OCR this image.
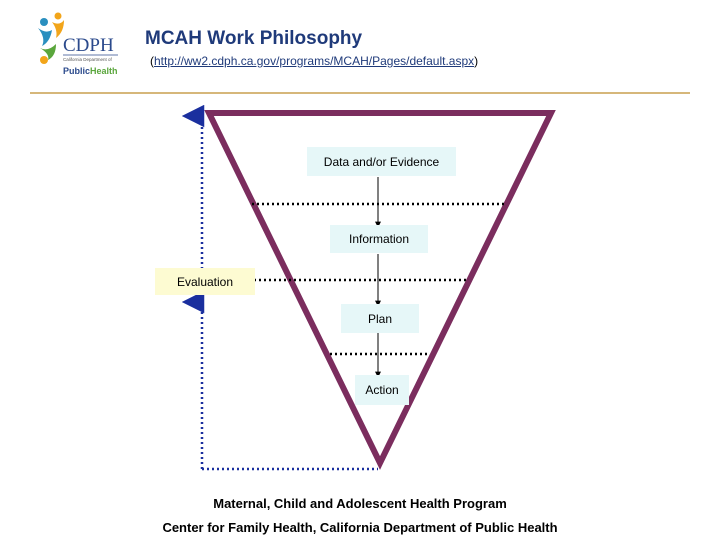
CDPH
California Department of
PublicHealth
MCAH Work Philosophy
(http://ww2.cdph.ca.gov/programs/MCAH/Pages/default.aspx)
Data and/or Evidence
Information
Plan
Action
Evaluation
Maternal, Child and Adolescent Health Program
Center for Family Health, California Department of Public Health
